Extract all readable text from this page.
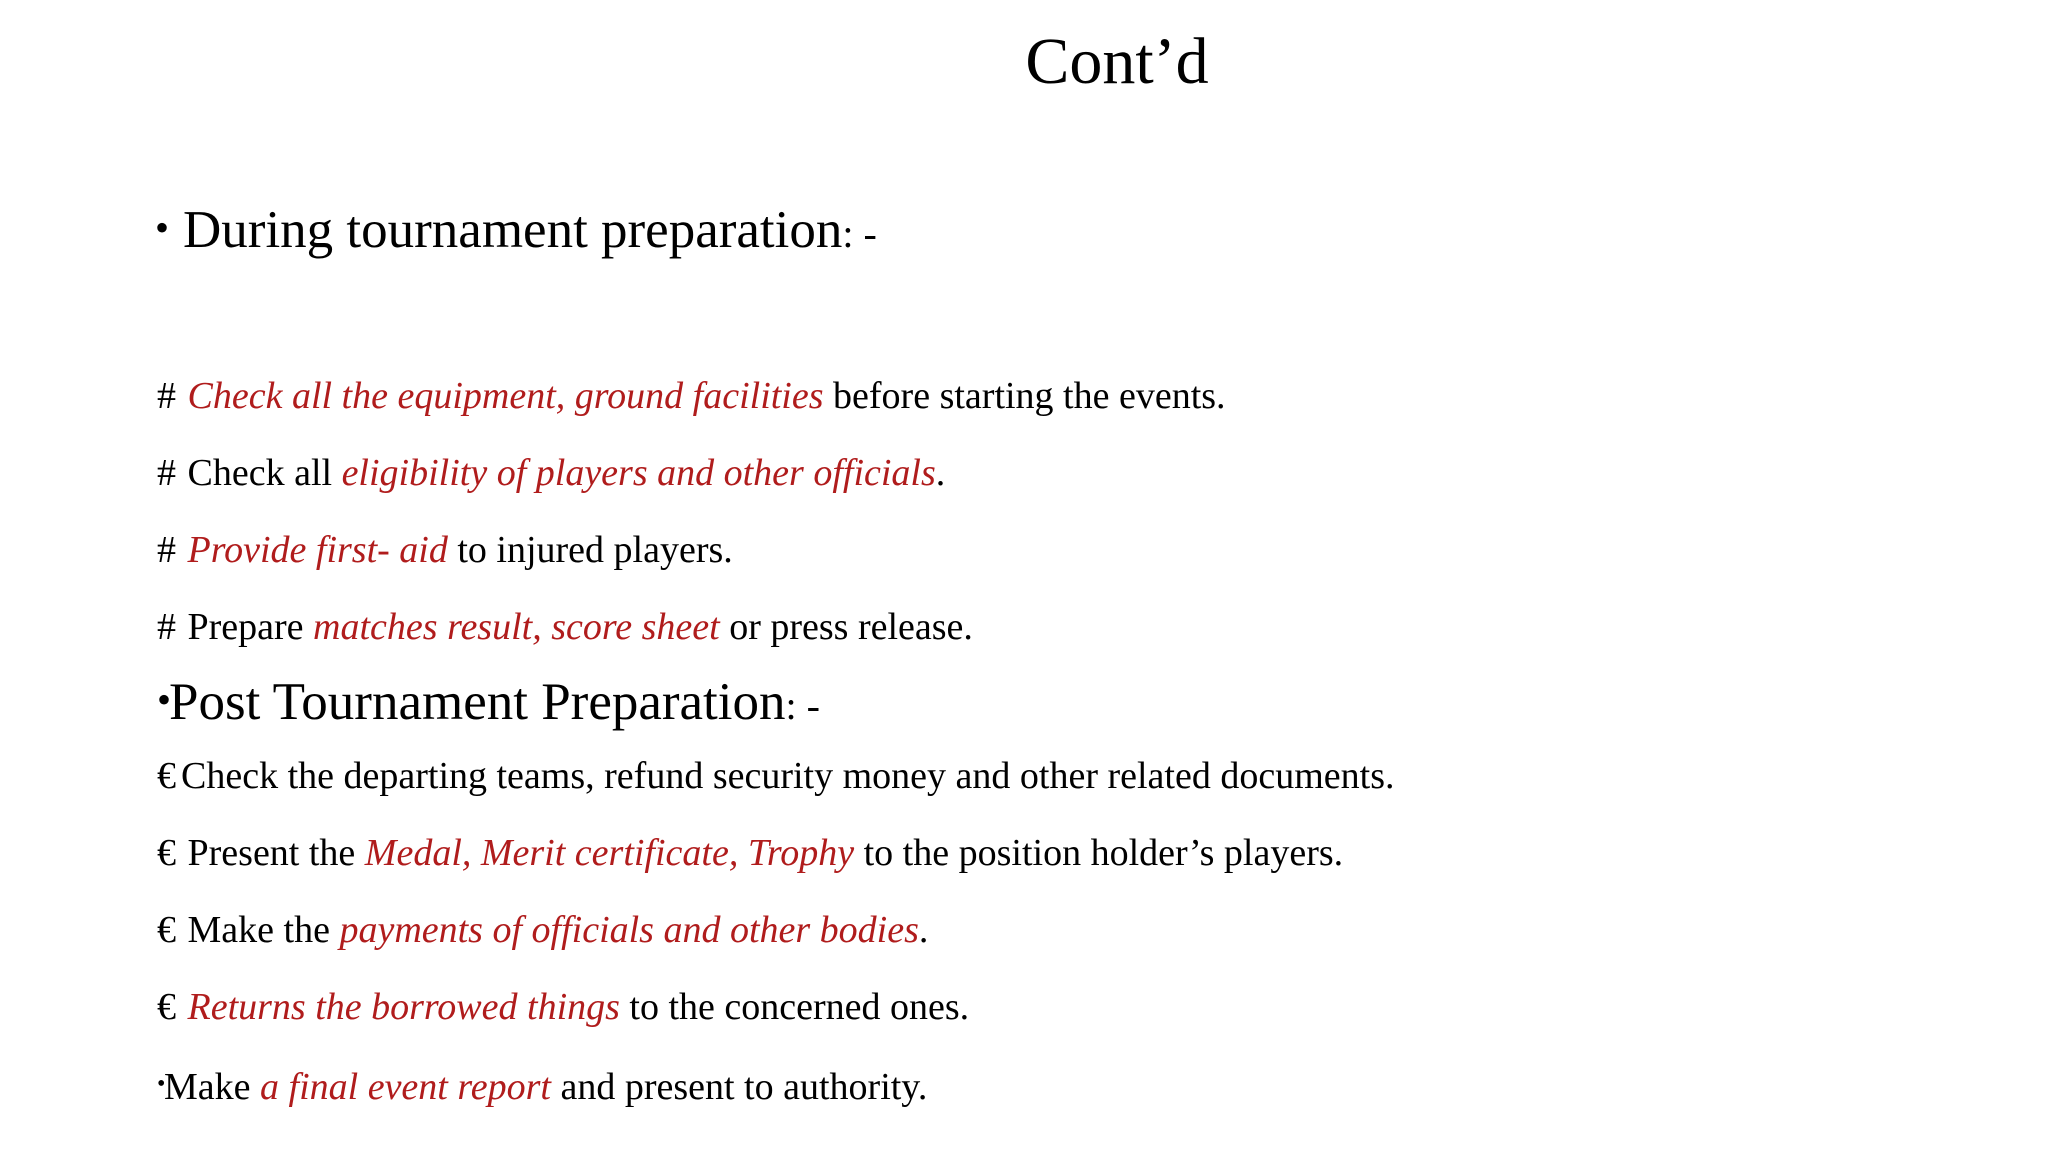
Cont’d
• During tournament preparation: -
# Check all the equipment, ground facilities before starting the events.
# Check all eligibility of players and other officials.
# Provide first- aid to injured players.
# Prepare matches result, score sheet or press release.
•Post Tournament Preparation: -
€ Check the departing teams, refund security money and other related documents.
€ Present the Medal, Merit certificate, Trophy to the position holder’s players.
€ Make the payments of officials and other bodies.
€ Returns the borrowed things to the concerned ones.
•Make a final event report and present to authority.
